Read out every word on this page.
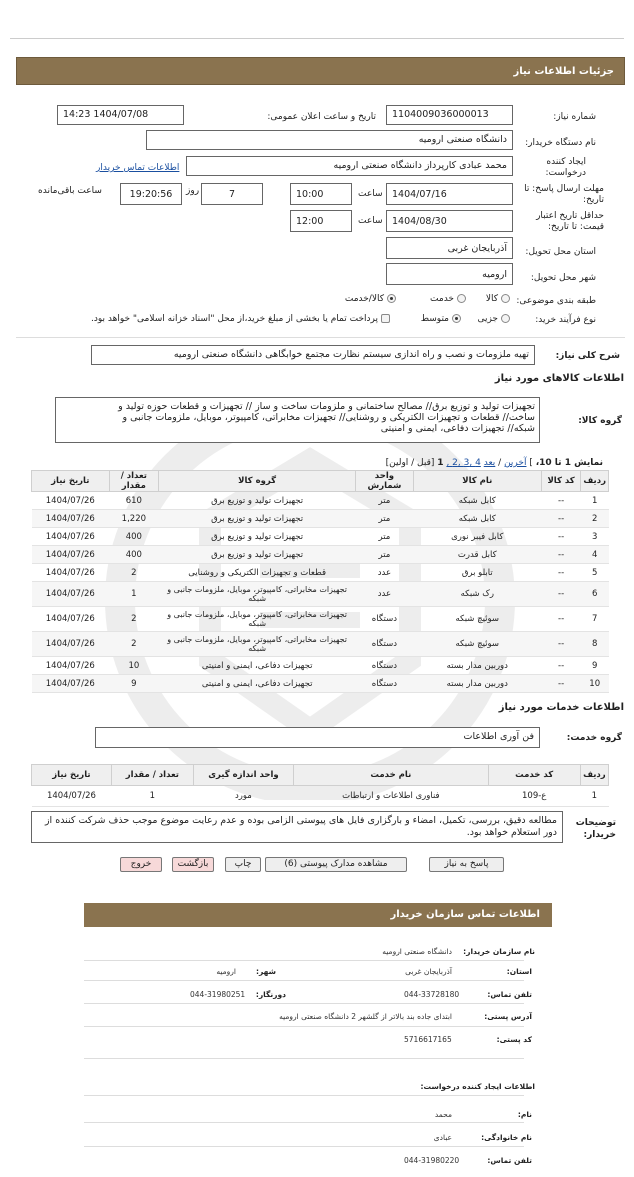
جزئیات اطلاعات نیاز
شماره نیاز:
1104009036000013
تاریخ و ساعت اعلان عمومی:
1404/07/08 14:23
نام دستگاه خریدار:
دانشگاه صنعتی ارومیه
ایجاد کننده درخواست:
محمد عبادی کارپرداز دانشگاه صنعتی ارومیه
اطلاعات تماس خریدار
مهلت ارسال پاسخ: تا تاریخ:
1404/07/16
ساعت
10:00
7
روز
19:20:56
ساعت باقی‌مانده
حداقل تاریخ اعتبار قیمت: تا تاریخ:
1404/08/30
ساعت
12:00
استان محل تحویل:
آذربایجان غربی
شهر محل تحویل:
ارومیه
طبقه بندی موضوعی:
کالا
خدمت
کالا/خدمت
نوع فرآیند خرید:
جزیی
متوسط
پرداخت تمام یا بخشی از مبلغ خرید،از محل "اسناد خزانه اسلامی" خواهد بود.
شرح کلی نیاز:
تهیه ملزومات و نصب و راه اندازی سیستم نظارت مجتمع خوابگاهی دانشگاه صنعتی ارومیه
اطلاعات کالاهای مورد نیاز
گروه کالا:
تجهیزات تولید و توزیع برق// مصالح ساختمانی و ملزومات ساخت و ساز // تجهیزات و قطعات حوزه تولید و
ساخت// قطعات و تجهیزات الکتریکی و روشنایی// تجهیزات مخابراتی، کامپیوتر، موبایل، ملزومات جانبی و
شبکه// تجهیزات دفاعی، ایمنی و امنیتی
نمایش 1 تا 10، ] آخرین / بعد 4 ,3 ,2 , 1 [قبل / اولین]
ردیف	کد کالا	نام کالا	واحد شمارش	گروه کالا	تعداد / مقدار	تاریخ نیاز
1	--	کابل شبکه	متر	تجهیزات تولید و توزیع برق	610	1404/07/26
2	--	کابل شبکه	متر	تجهیزات تولید و توزیع برق	1,220	1404/07/26
3	--	کابل فیبر نوری	متر	تجهیزات تولید و توزیع برق	400	1404/07/26
4	--	کابل قدرت	متر	تجهیزات تولید و توزیع برق	400	1404/07/26
5	--	تابلو برق	عدد	قطعات و تجهیزات الکتریکی و روشنایی	2	1404/07/26
6	--	رک شبکه	عدد	تجهیزات مخابراتی، کامپیوتر، موبایل، ملزومات جانبی و شبکه	1	1404/07/26
7	--	سوئیچ شبکه	دستگاه	تجهیزات مخابراتی، کامپیوتر، موبایل، ملزومات جانبی و شبکه	2	1404/07/26
8	--	سوئیچ شبکه	دستگاه	تجهیزات مخابراتی، کامپیوتر، موبایل، ملزومات جانبی و شبکه	2	1404/07/26
9	--	دوربین مدار بسته	دستگاه	تجهیزات دفاعی، ایمنی و امنیتی	10	1404/07/26
10	--	دوربین مدار بسته	دستگاه	تجهیزات دفاعی، ایمنی و امنیتی	9	1404/07/26
اطلاعات خدمات مورد نیاز
گروه خدمت:
فن آوری اطلاعات
ردیف	کد خدمت	نام خدمت	واحد اندازه گیری	تعداد / مقدار	تاریخ نیاز
1	ع-109	فناوری اطلاعات و ارتباطات	مورد	1	1404/07/26
توضیحات خریدار:
مطالعه دقیق، بررسی، تکمیل، امضاء و بارگزاری فایل های پیوستی الزامی بوده و عدم رعایت موضوع موجب حذف شرکت کننده از دور استعلام خواهد بود.
پاسخ به نیاز
مشاهده مدارک پیوستی (6)
چاپ
بازگشت
خروج
اطلاعات تماس سازمان خریدار
نام سازمان خریدار:
دانشگاه صنعتی ارومیه
استان:
آذربایجان غربی
شهر:
ارومیه
تلفن تماس:
044-33728180
دورنگار:
044-31980251
آدرس پستی:
ابتدای جاده بند بالاتر از گلشهر 2 دانشگاه صنعتی ارومیه
کد پستی:
5716617165
اطلاعات ایجاد کننده درخواست:
نام:
محمد
نام خانوادگی:
عبادی
تلفن تماس:
044-31980220
